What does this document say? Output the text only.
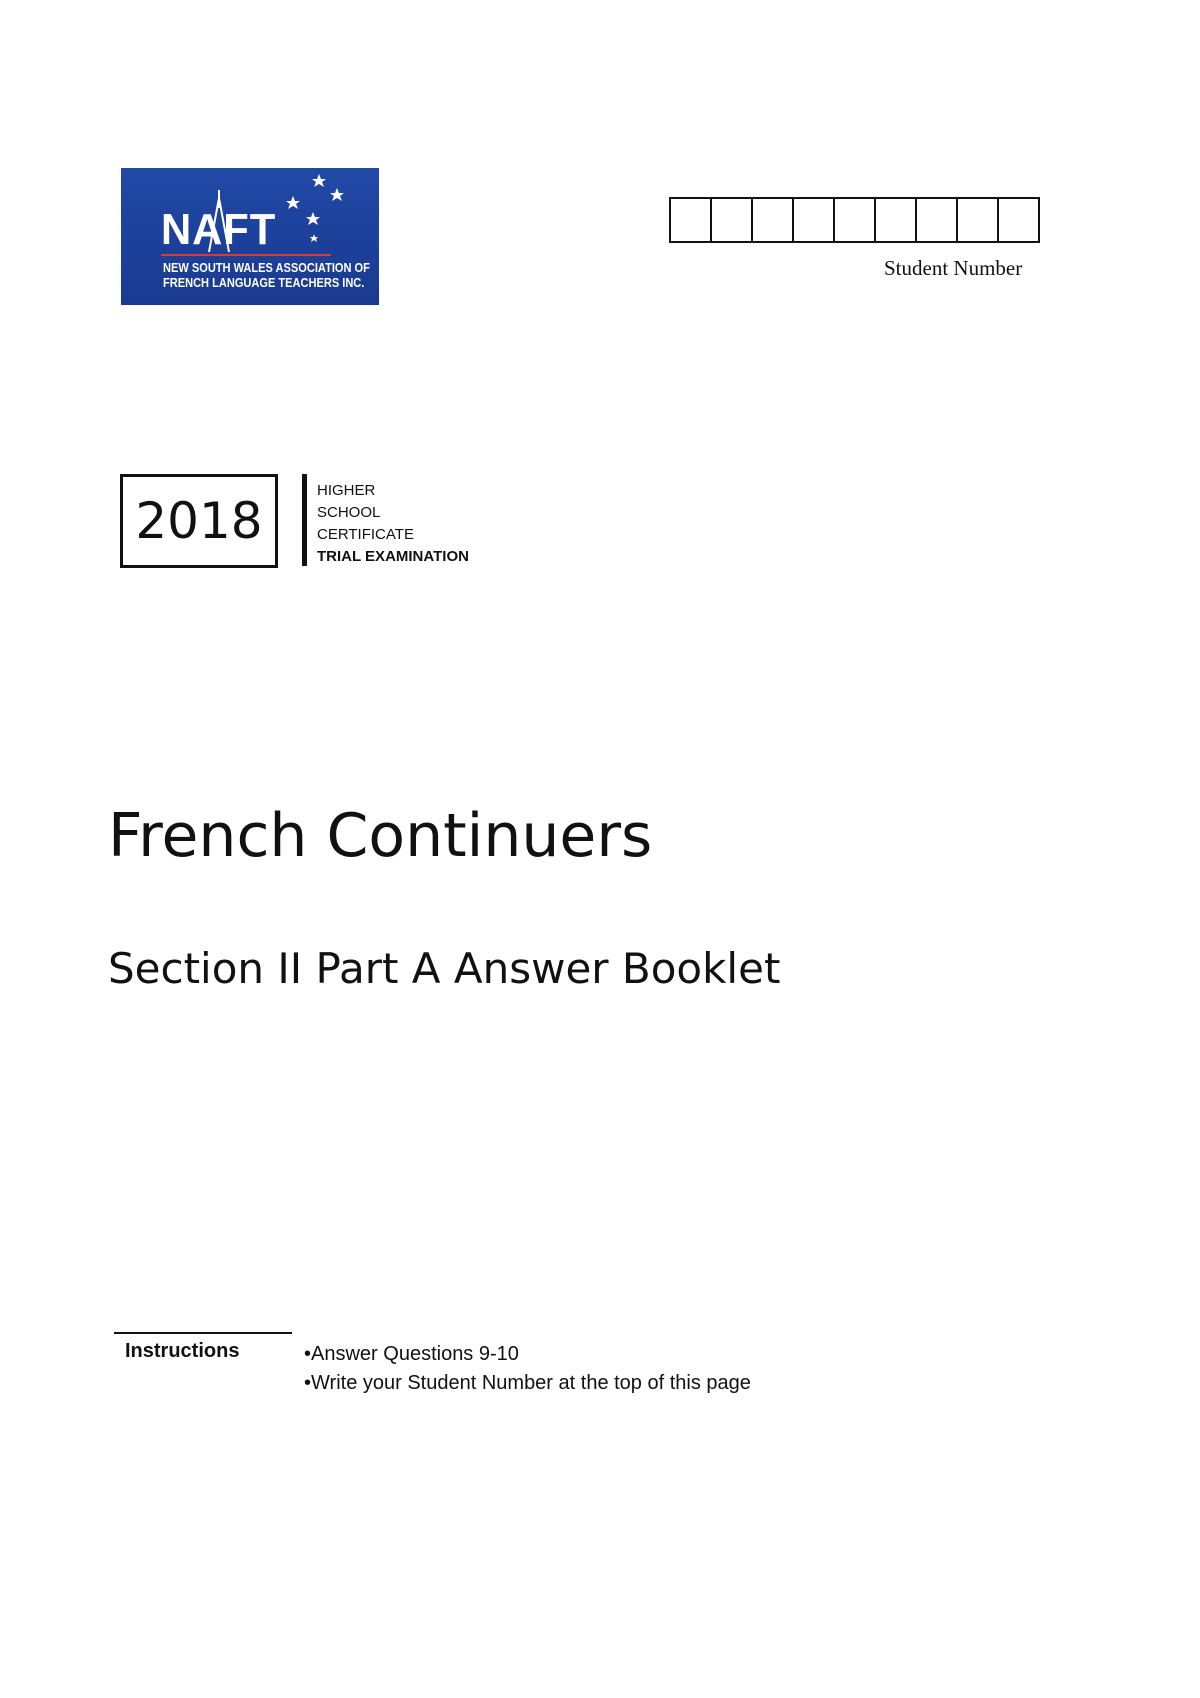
NAFT
NEW SOUTH WALES ASSOCIATION OF
FRENCH LANGUAGE TEACHERS INC.
Student Number
2018
HIGHER
SCHOOL
CERTIFICATE
TRIAL EXAMINATION
French Continuers
Section II Part A Answer Booklet
Instructions
•	Answer Questions 9-10
• Write your Student Number at the top of this page
